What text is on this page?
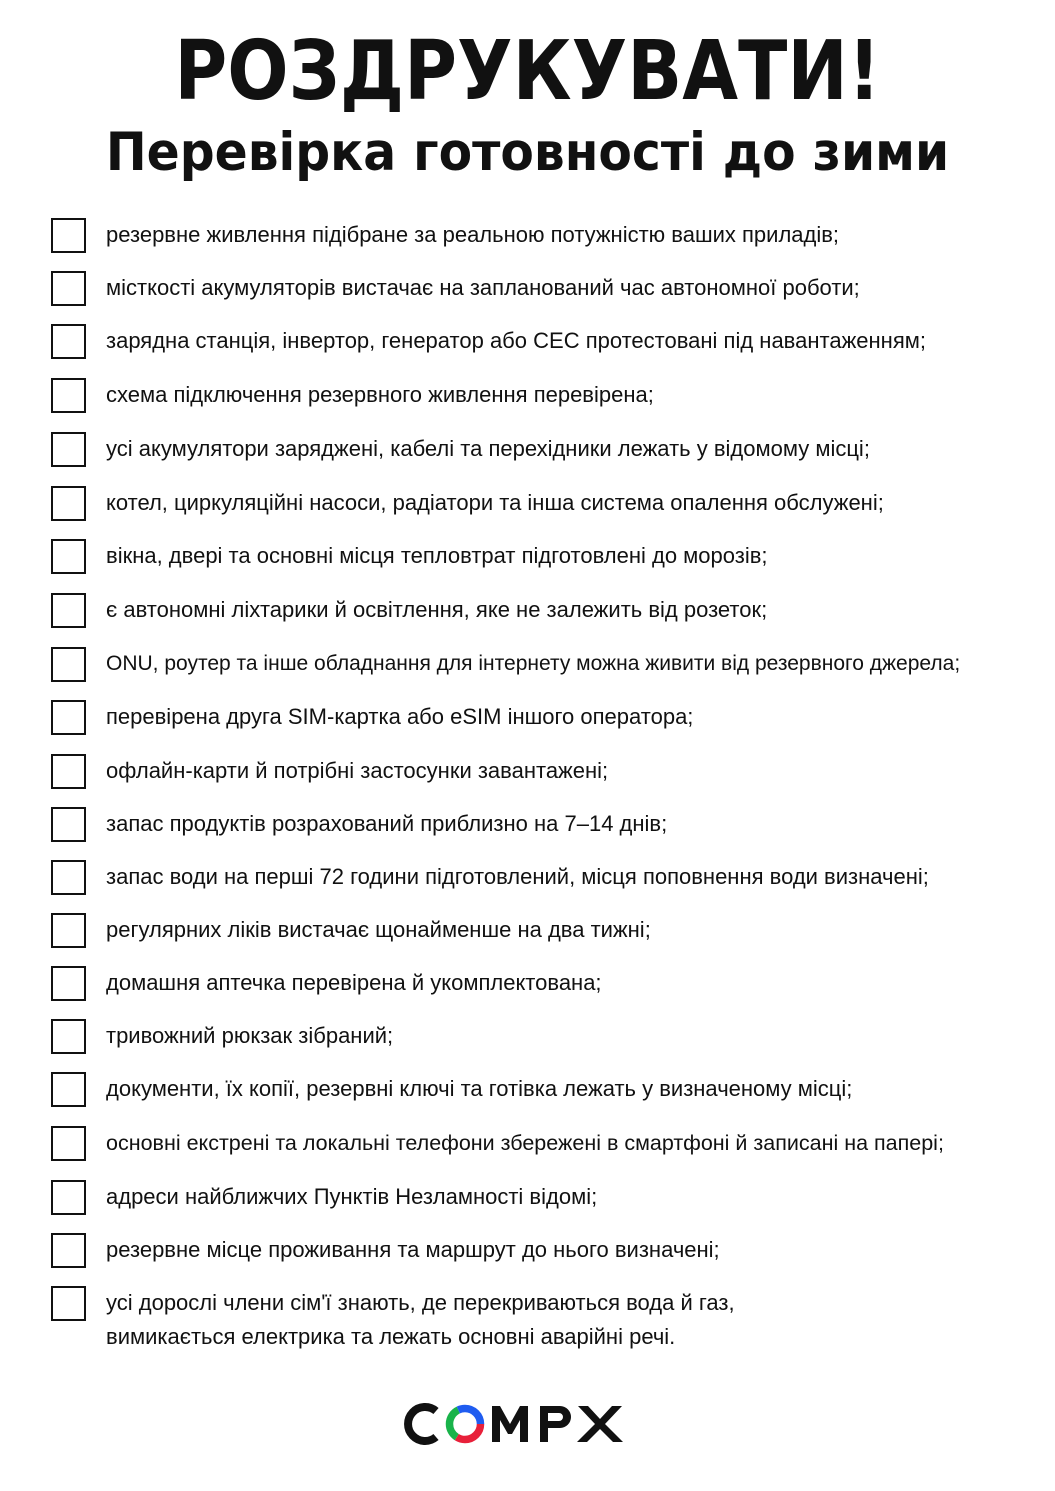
РОЗДРУКУВАТИ!
Перевірка готовності до зими
резервне живлення підібране за реальною потужністю ваших приладів;
місткості акумуляторів вистачає на запланований час автономної роботи;
зарядна станція, інвертор, генератор або СЕС протестовані під навантаженням;
схема підключення резервного живлення перевірена;
усі акумулятори заряджені, кабелі та перехідники лежать у відомому місці;
котел, циркуляційні насоси, радіатори та інша система опалення обслужені;
вікна, двері та основні місця тепловтрат підготовлені до морозів;
є автономні ліхтарики й освітлення, яке не залежить від розеток;
ONU, роутер та інше обладнання для інтернету можна живити від резервного джерела;
перевірена друга SIM-картка або eSIM іншого оператора;
офлайн-карти й потрібні застосунки завантажені;
запас продуктів розрахований приблизно на 7–14 днів;
запас води на перші 72 години підготовлений, місця поповнення води визначені;
регулярних ліків вистачає щонайменше на два тижні;
домашня аптечка перевірена й укомплектована;
тривожний рюкзак зібраний;
документи, їх копії, резервні ключі та готівка лежать у визначеному місці;
основні екстрені та локальні телефони збережені в смартфоні й записані на папері;
адреси найближчих Пунктів Незламності відомі;
резервне місце проживання та маршрут до нього визначені;
усі дорослі члени сім'ї знають, де перекриваються вода й газ,
вимикається електрика та лежать основні аварійні речі.
